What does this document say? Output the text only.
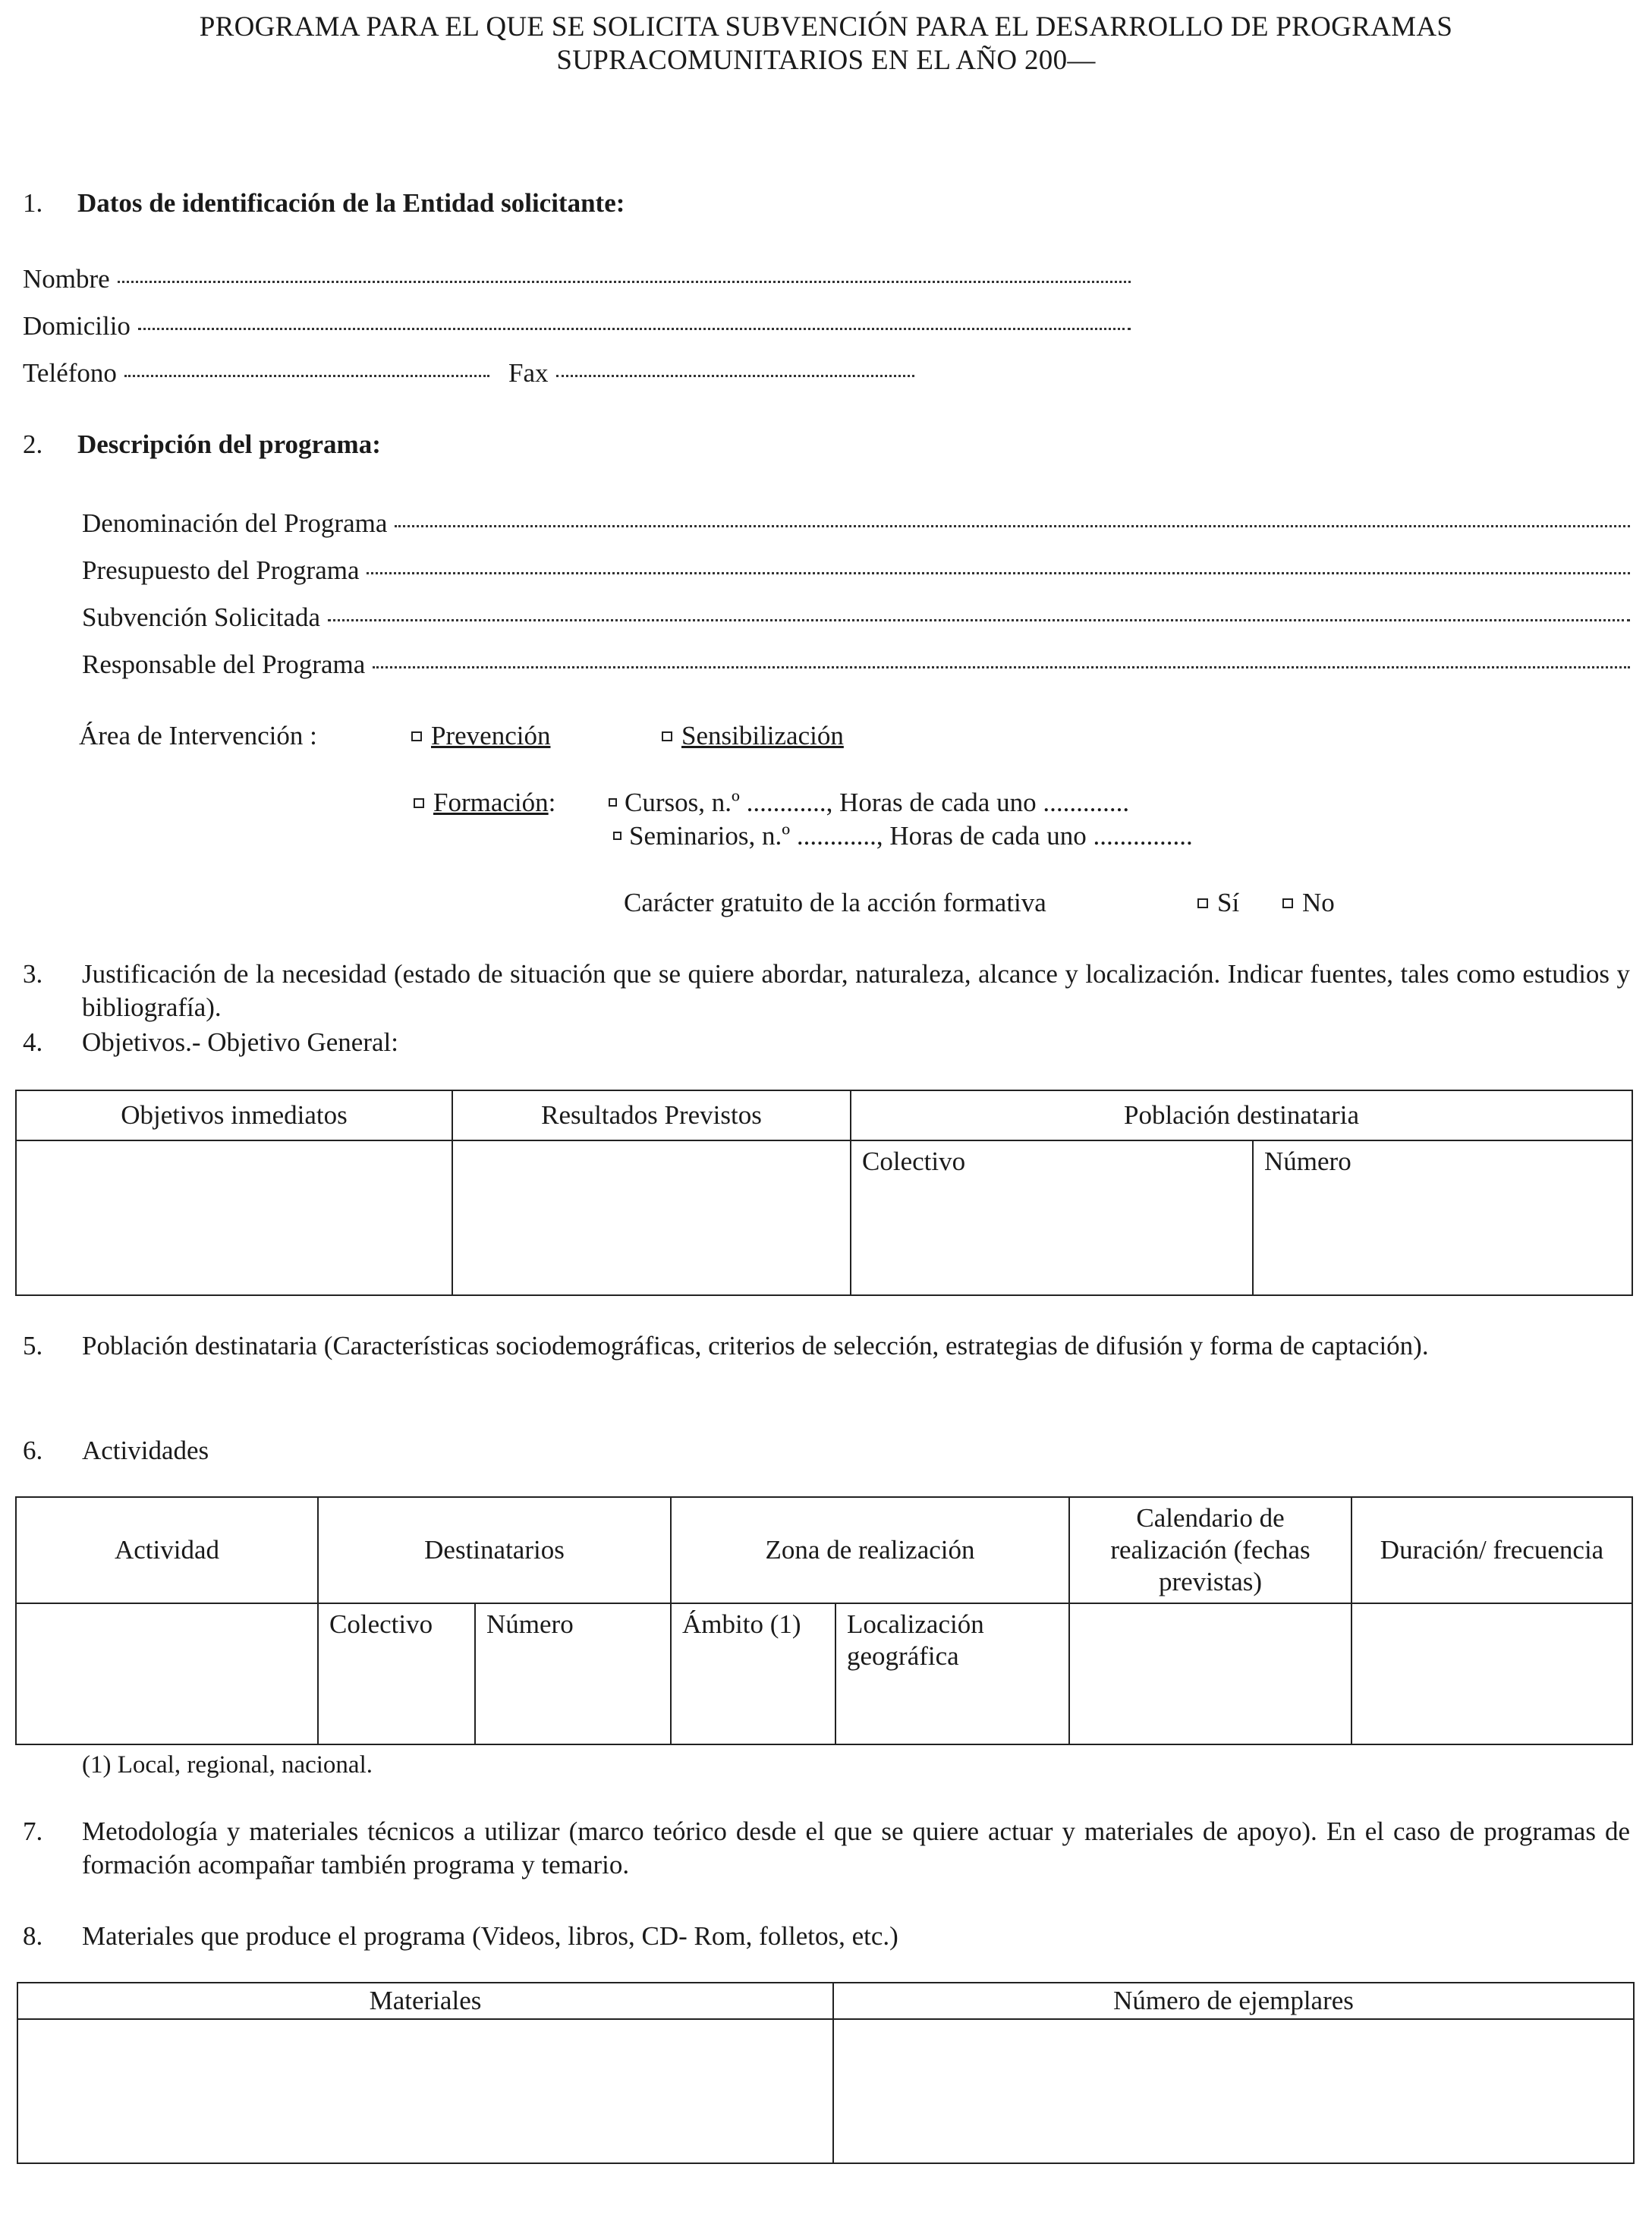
PROGRAMA PARA EL QUE SE SOLICITA SUBVENCIÓN PARA EL DESARROLLO DE PROGRAMAS
SUPRACOMUNITARIOS EN EL AÑO 200—
1. Datos de identificación de la Entidad solicitante:
Nombre
Domicilio
Teléfono	Fax
2. Descripción del programa:
Denominación del Programa
Presupuesto del Programa
Subvención Solicitada
Responsable del Programa
Área de Intervención :	Prevención	Sensibilización
Formación:	Cursos, n.º ............, Horas de cada uno .............
Seminarios, n.º ............, Horas de cada uno ...............
Carácter gratuito de la acción formativa	Sí	No
3. Justificación de la necesidad (estado de situación que se quiere abordar, naturaleza, alcance y localización. Indicar fuentes, tales como estudios y bibliografía).
4. Objetivos.- Objetivo General:
Objetivos inmediatos	Resultados Previstos	Población destinataria	
		Colectivo	Número
5. Población destinataria (Características sociodemográficas, criterios de selección, estrategias de difusión y forma de captación).
6. Actividades
Actividad	Destinatarios		Zona de realización		Calendario de realización (fechas previstas)	Duración/ frecuencia
	Colectivo	Número	Ámbito (1)	Localización geográfica		
(1) Local, regional, nacional.
7. Metodología y materiales técnicos a utilizar (marco teórico desde el que se quiere actuar y materiales de apoyo). En el caso de programas de formación acompañar también programa y temario.
8. Materiales que produce el programa (Videos, libros, CD- Rom, folletos, etc.)
Materiales	Número de ejemplares
